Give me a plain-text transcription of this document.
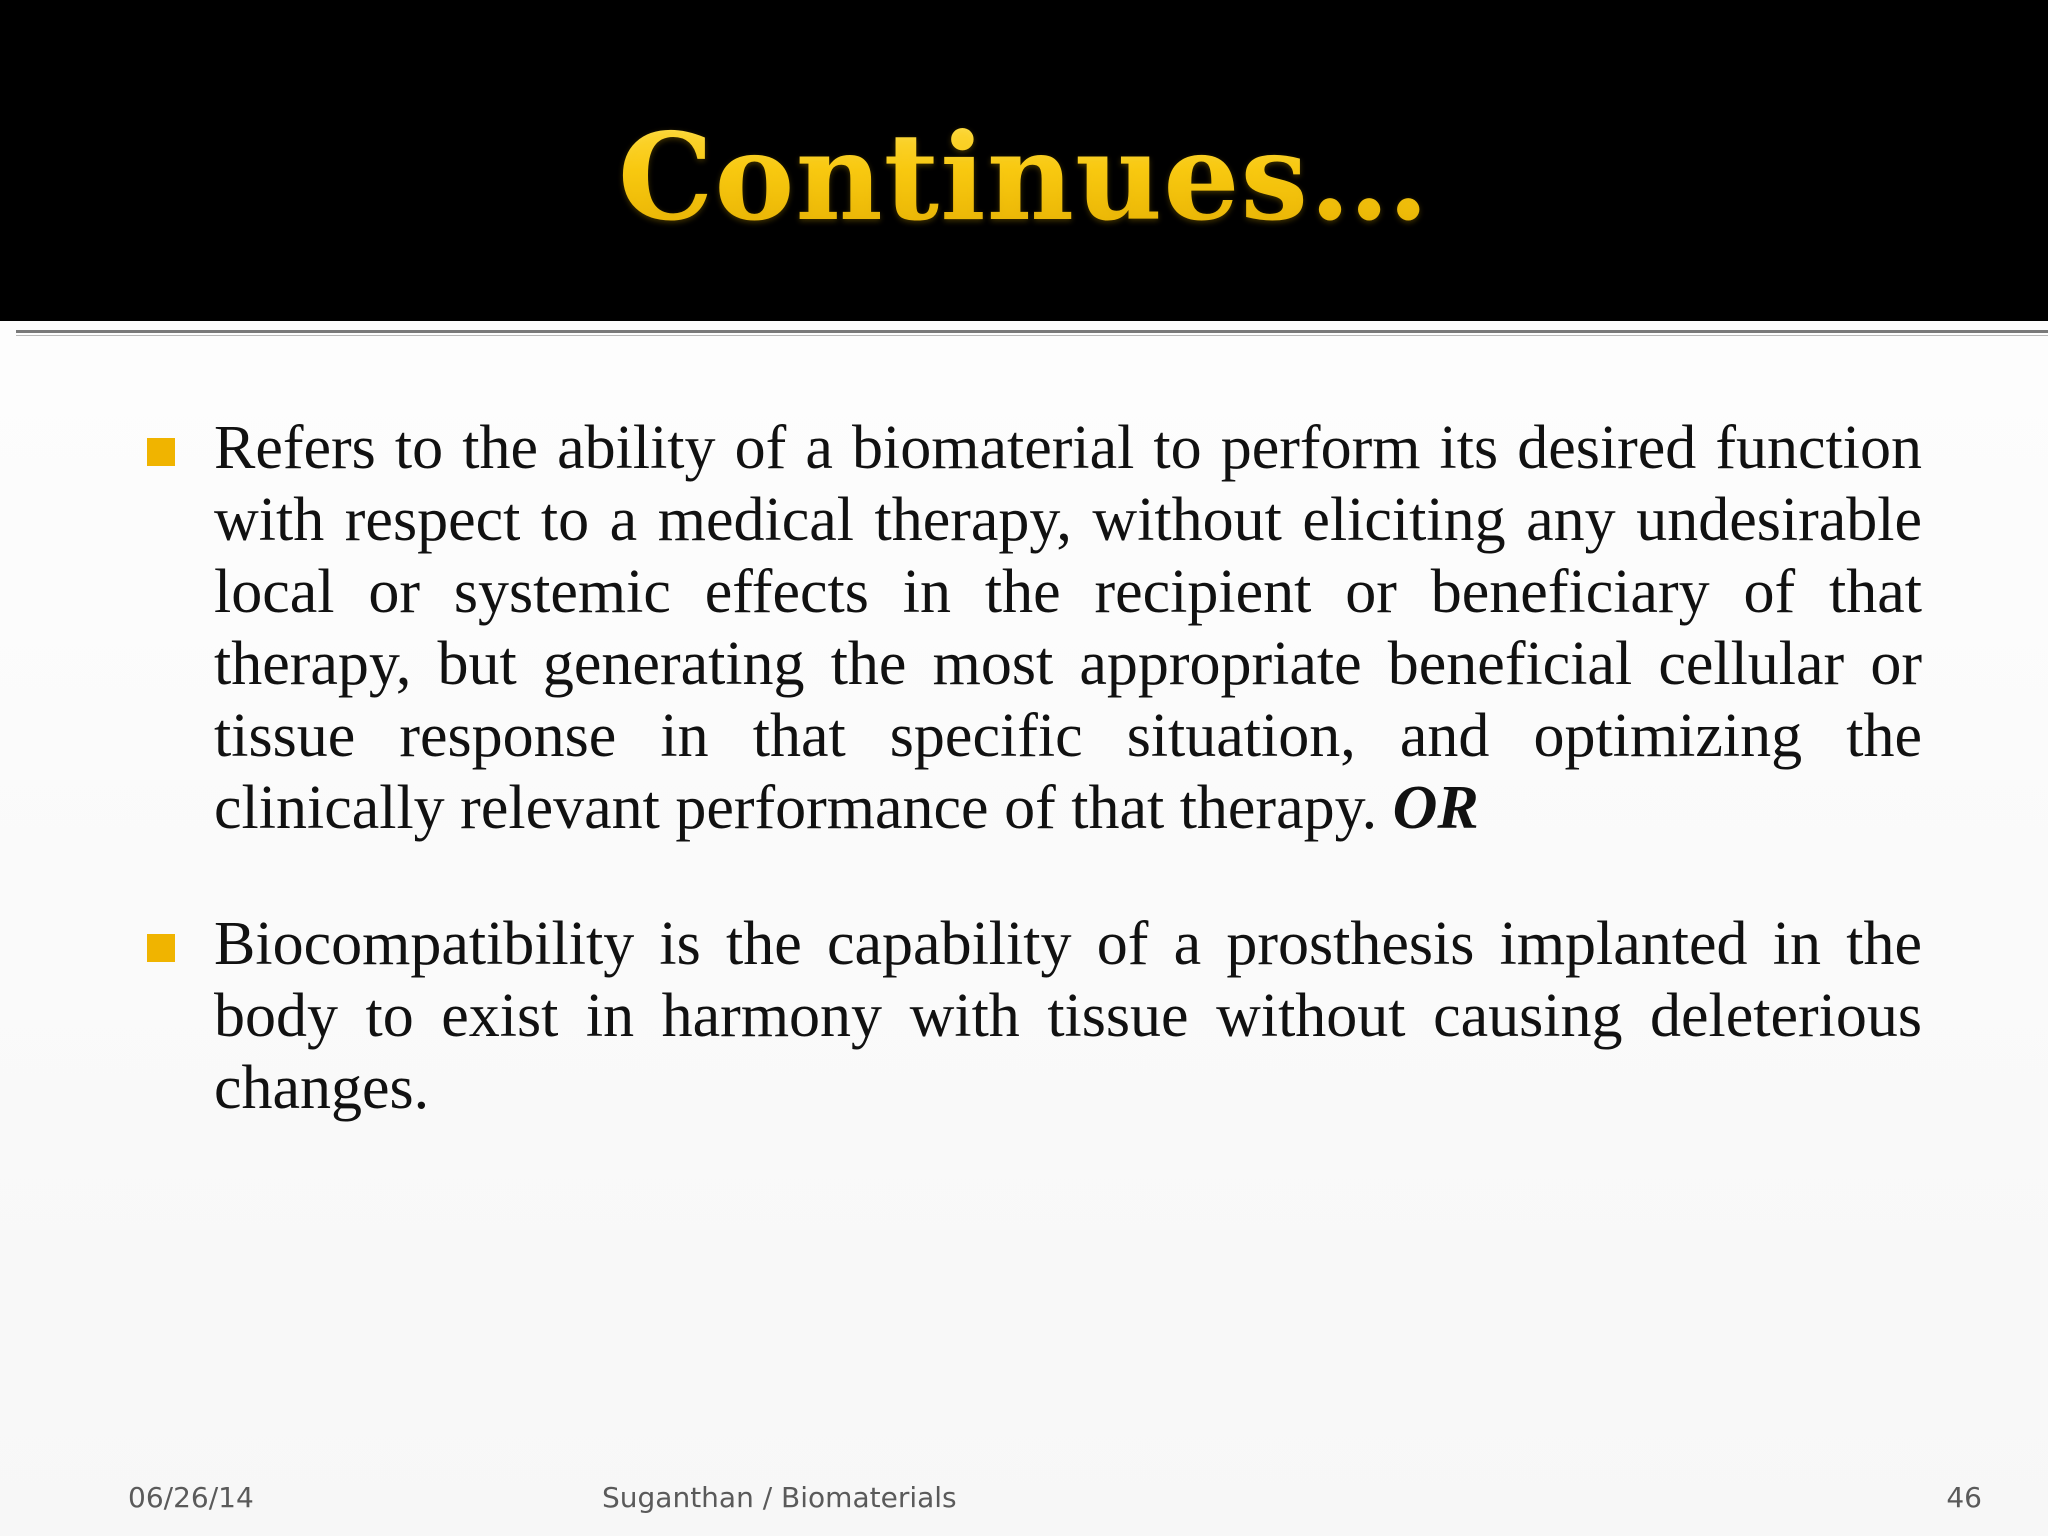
Continues…
Refers to the ability of a biomaterial to perform its desired function with respect to a medical therapy, without eliciting any undesirable local or systemic effects in the recipient or beneficiary of that therapy, but generating the most appropriate beneficial cellular or tissue response in that specific situation, and optimizing the clinically relevant performance of that therapy. OR
Biocompatibility is the capability of a prosthesis implanted in the body to exist in harmony with tissue without causing deleterious changes.
06/26/14	Suganthan / Biomaterials	46
